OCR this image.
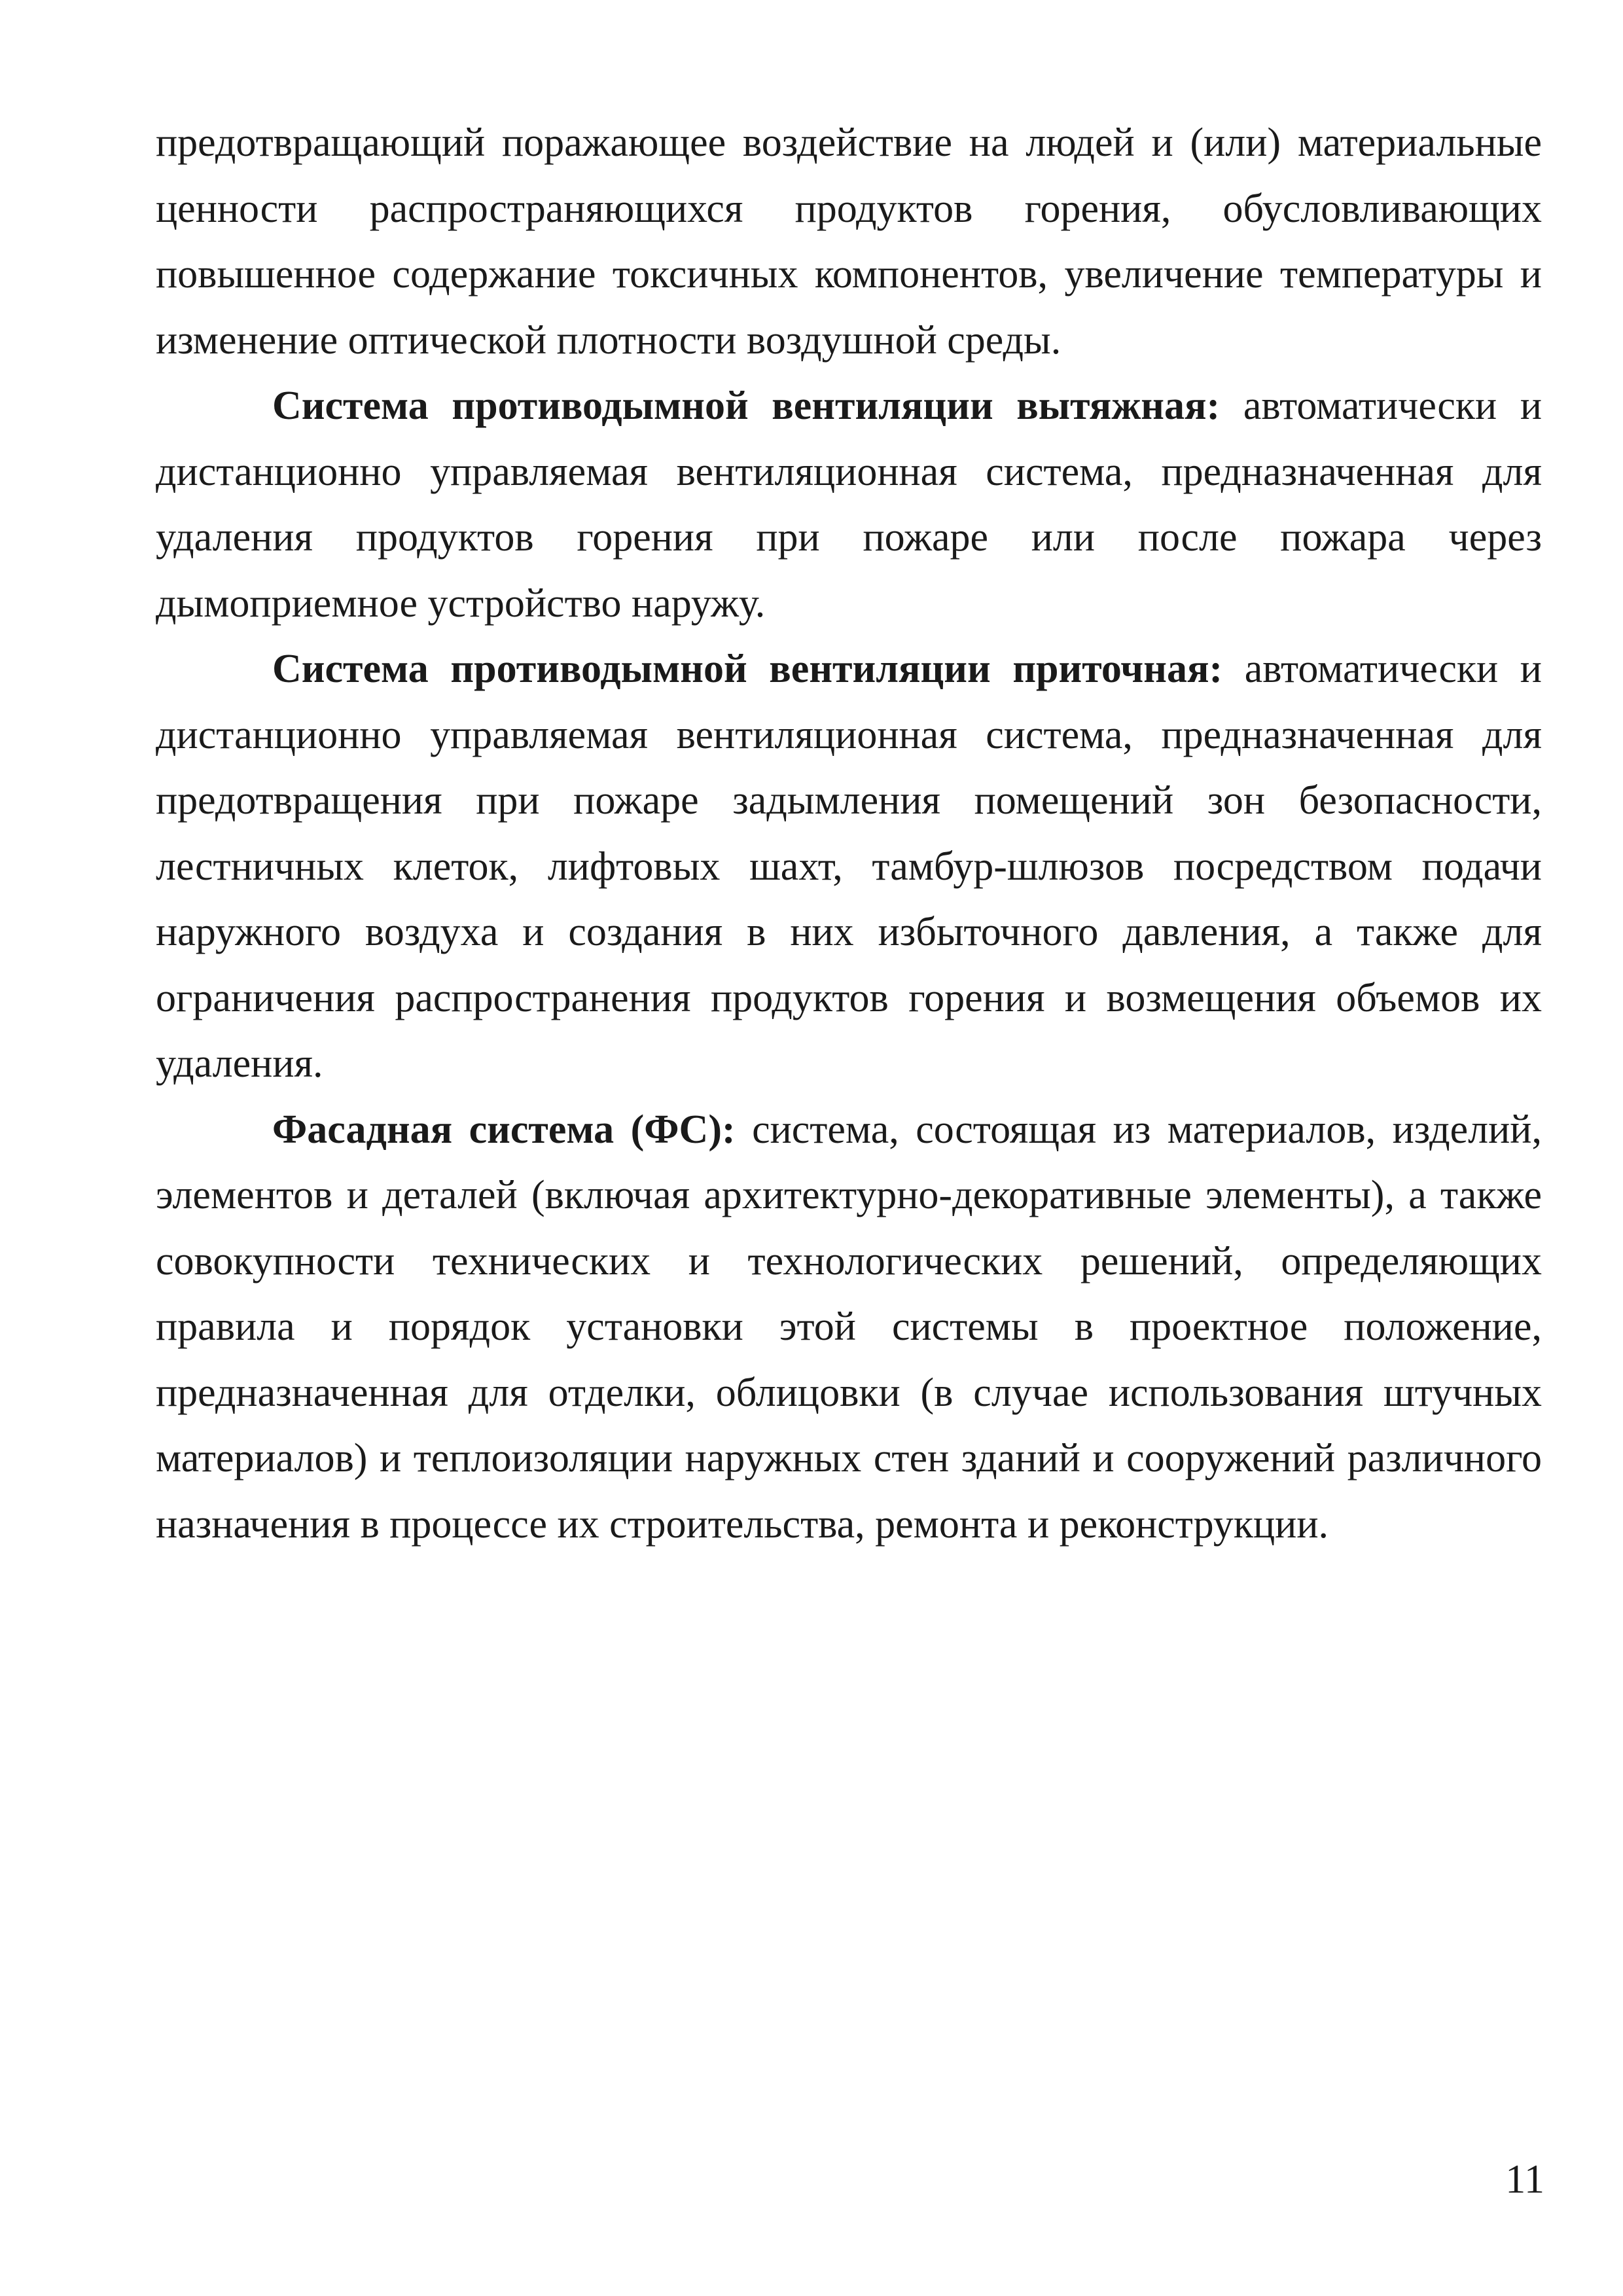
предотвращающий поражающее воздействие на людей и (или) материальные ценности распространяющихся продуктов горения, обусловливающих повышенное содержание токсичных компонентов, увеличение температуры и изменение оптической плотности воздушной среды.

Система противодымной вентиляции вытяжная: автоматически и дистанционно управляемая вентиляционная система, предназначенная для удаления продуктов горения при пожаре или после пожара через дымоприемное устройство наружу.

Система противодымной вентиляции приточная: автоматически и дистанционно управляемая вентиляционная система, предназначенная для предотвращения при пожаре задымления помещений зон безопасности, лестничных клеток, лифтовых шахт, тамбур-шлюзов посредством подачи наружного воздуха и создания в них избыточного давления, а также для ограничения распространения продуктов горения и возмещения объемов их удаления.

Фасадная система (ФС): система, состоящая из материалов, изделий, элементов и деталей (включая архитектурно-декоративные элементы), а также совокупности технических и технологических решений, определяющих правила и порядок установки этой системы в проектное положение, предназначенная для отделки, облицовки (в случае использования штучных материалов) и теплоизоляции наружных стен зданий и сооружений различного назначения в процессе их строительства, ремонта и реконструкции.

11
